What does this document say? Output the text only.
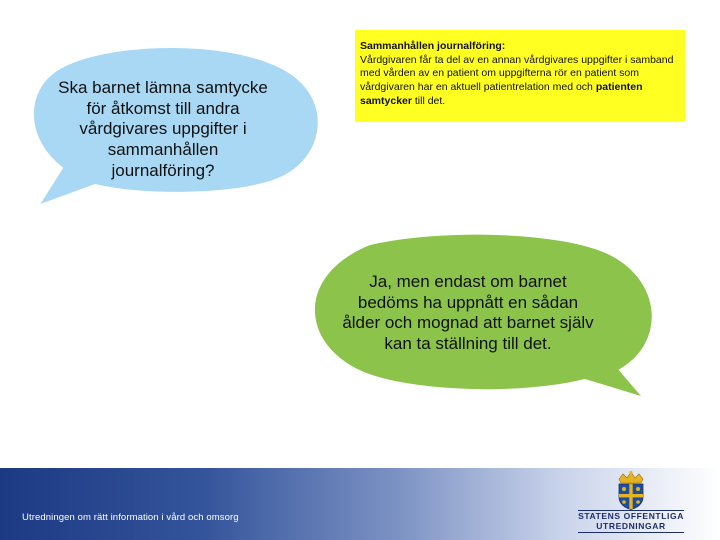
Ska barnet lämna samtycke för åtkomst till andra vårdgivares uppgifter i sammanhållen journalföring?
Sammanhållen journalföring:
Vårdgivaren får ta del av en annan vårdgivares uppgifter i samband med vården av en patient om uppgifterna rör en patient som vårdgivaren har en aktuell patientrelation med och patienten samtycker till det.
Ja, men endast om barnet bedöms ha uppnått en sådan ålder och mognad att barnet själv kan ta ställning till det.
Utredningen om rätt information i vård och omsorg	STATENS OFFENTLIGA
UTREDNINGAR
